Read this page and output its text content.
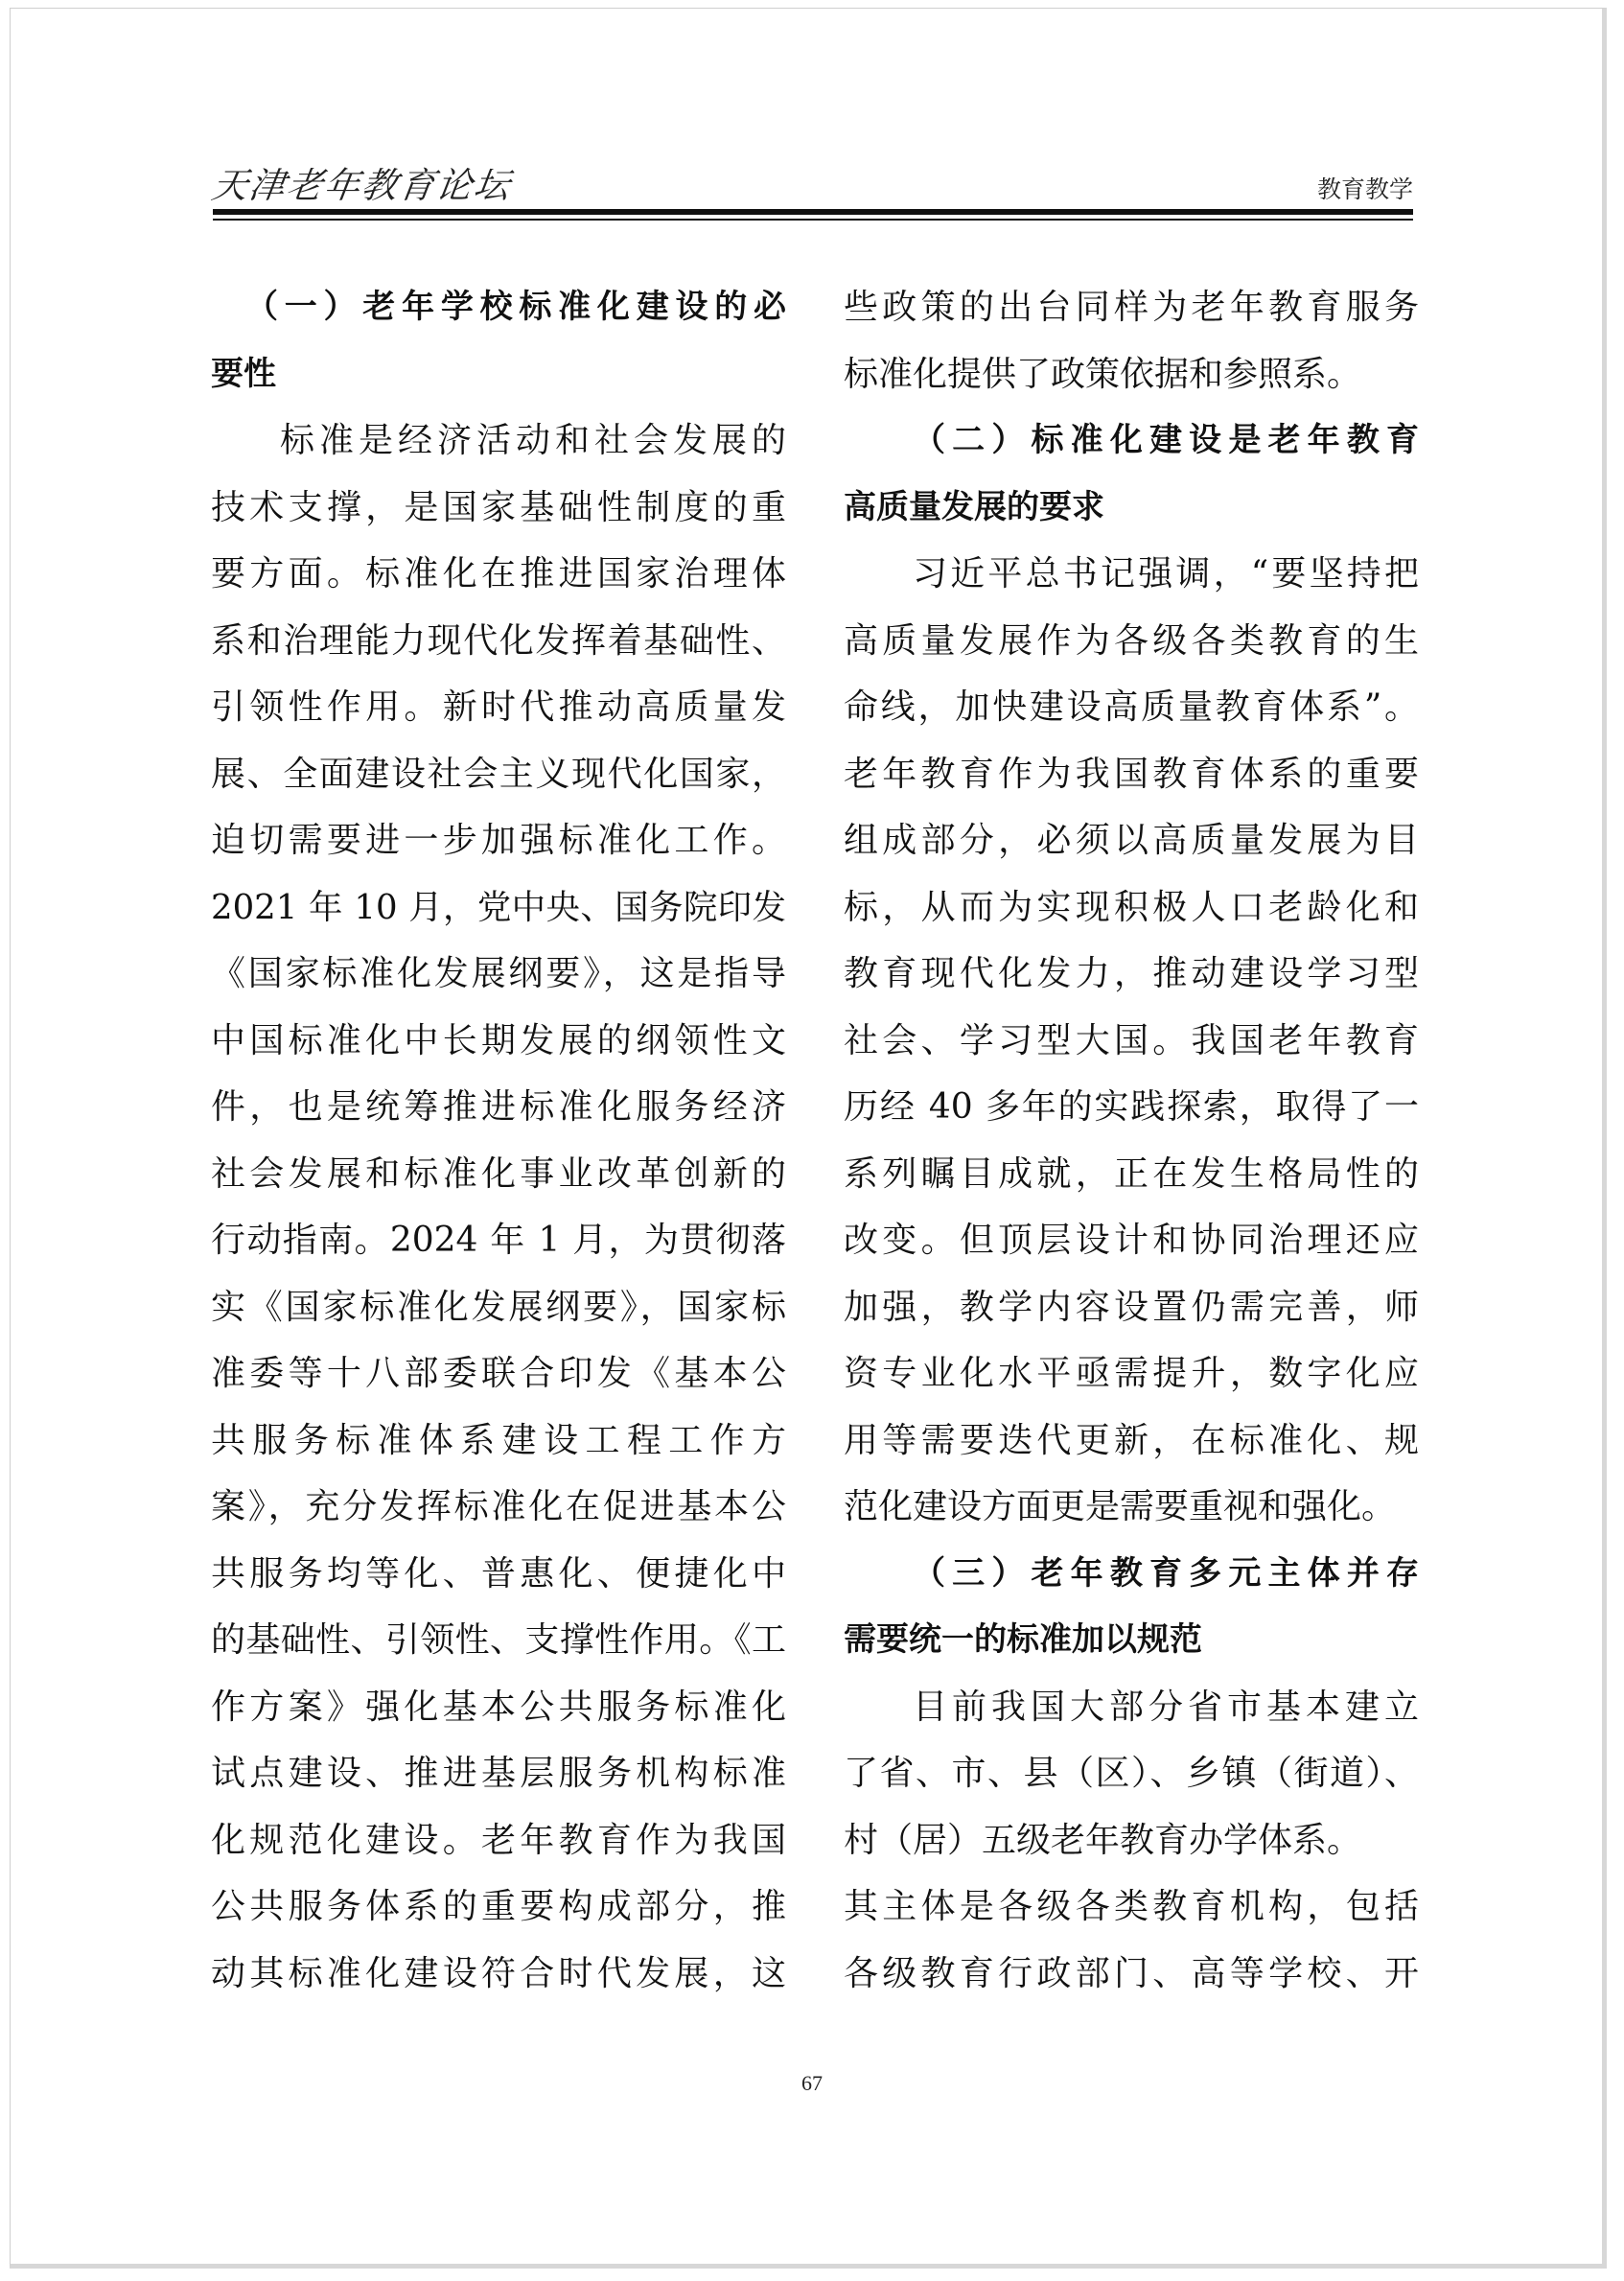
天津老年教育论坛	教育教学
（一）老年学校标准化建设的必
要性
标准是经济活动和社会发展的
技术支撑，是国家基础性制度的重
要方面。标准化在推进国家治理体
系和治理能力现代化发挥着基础性、
引领性作用。新时代推动高质量发
展、全面建设社会主义现代化国家，
迫切需要进一步加强标准化工作。
2021 年 10 月，党中央、国务院印发
《国家标准化发展纲要》，这是指导
中国标准化中长期发展的纲领性文
件，也是统筹推进标准化服务经济
社会发展和标准化事业改革创新的
行动指南。2024 年 1 月，为贯彻落
实《国家标准化发展纲要》，国家标
准委等十八部委联合印发《基本公
共服务标准体系建设工程工作方
案》，充分发挥标准化在促进基本公
共服务均等化、普惠化、便捷化中
的基础性、引领性、支撑性作用。《工
作方案》强化基本公共服务标准化
试点建设、推进基层服务机构标准
化规范化建设。老年教育作为我国
公共服务体系的重要构成部分，推
动其标准化建设符合时代发展，这
些政策的出台同样为老年教育服务
标准化提供了政策依据和参照系。
（二）标准化建设是老年教育
高质量发展的要求
习近平总书记强调，“要坚持把
高质量发展作为各级各类教育的生
命线，加快建设高质量教育体系”。
老年教育作为我国教育体系的重要
组成部分，必须以高质量发展为目
标，从而为实现积极人口老龄化和
教育现代化发力，推动建设学习型
社会、学习型大国。我国老年教育
历经 40 多年的实践探索，取得了一
系列瞩目成就，正在发生格局性的
改变。但顶层设计和协同治理还应
加强，教学内容设置仍需完善，师
资专业化水平亟需提升，数字化应
用等需要迭代更新，在标准化、规
范化建设方面更是需要重视和强化。
（三）老年教育多元主体并存
需要统一的标准加以规范
目前我国大部分省市基本建立
了省、市、县（区）、乡镇（街道）、
村（居）五级老年教育办学体系。
其主体是各级各类教育机构，包括
各级教育行政部门、高等学校、开
67
